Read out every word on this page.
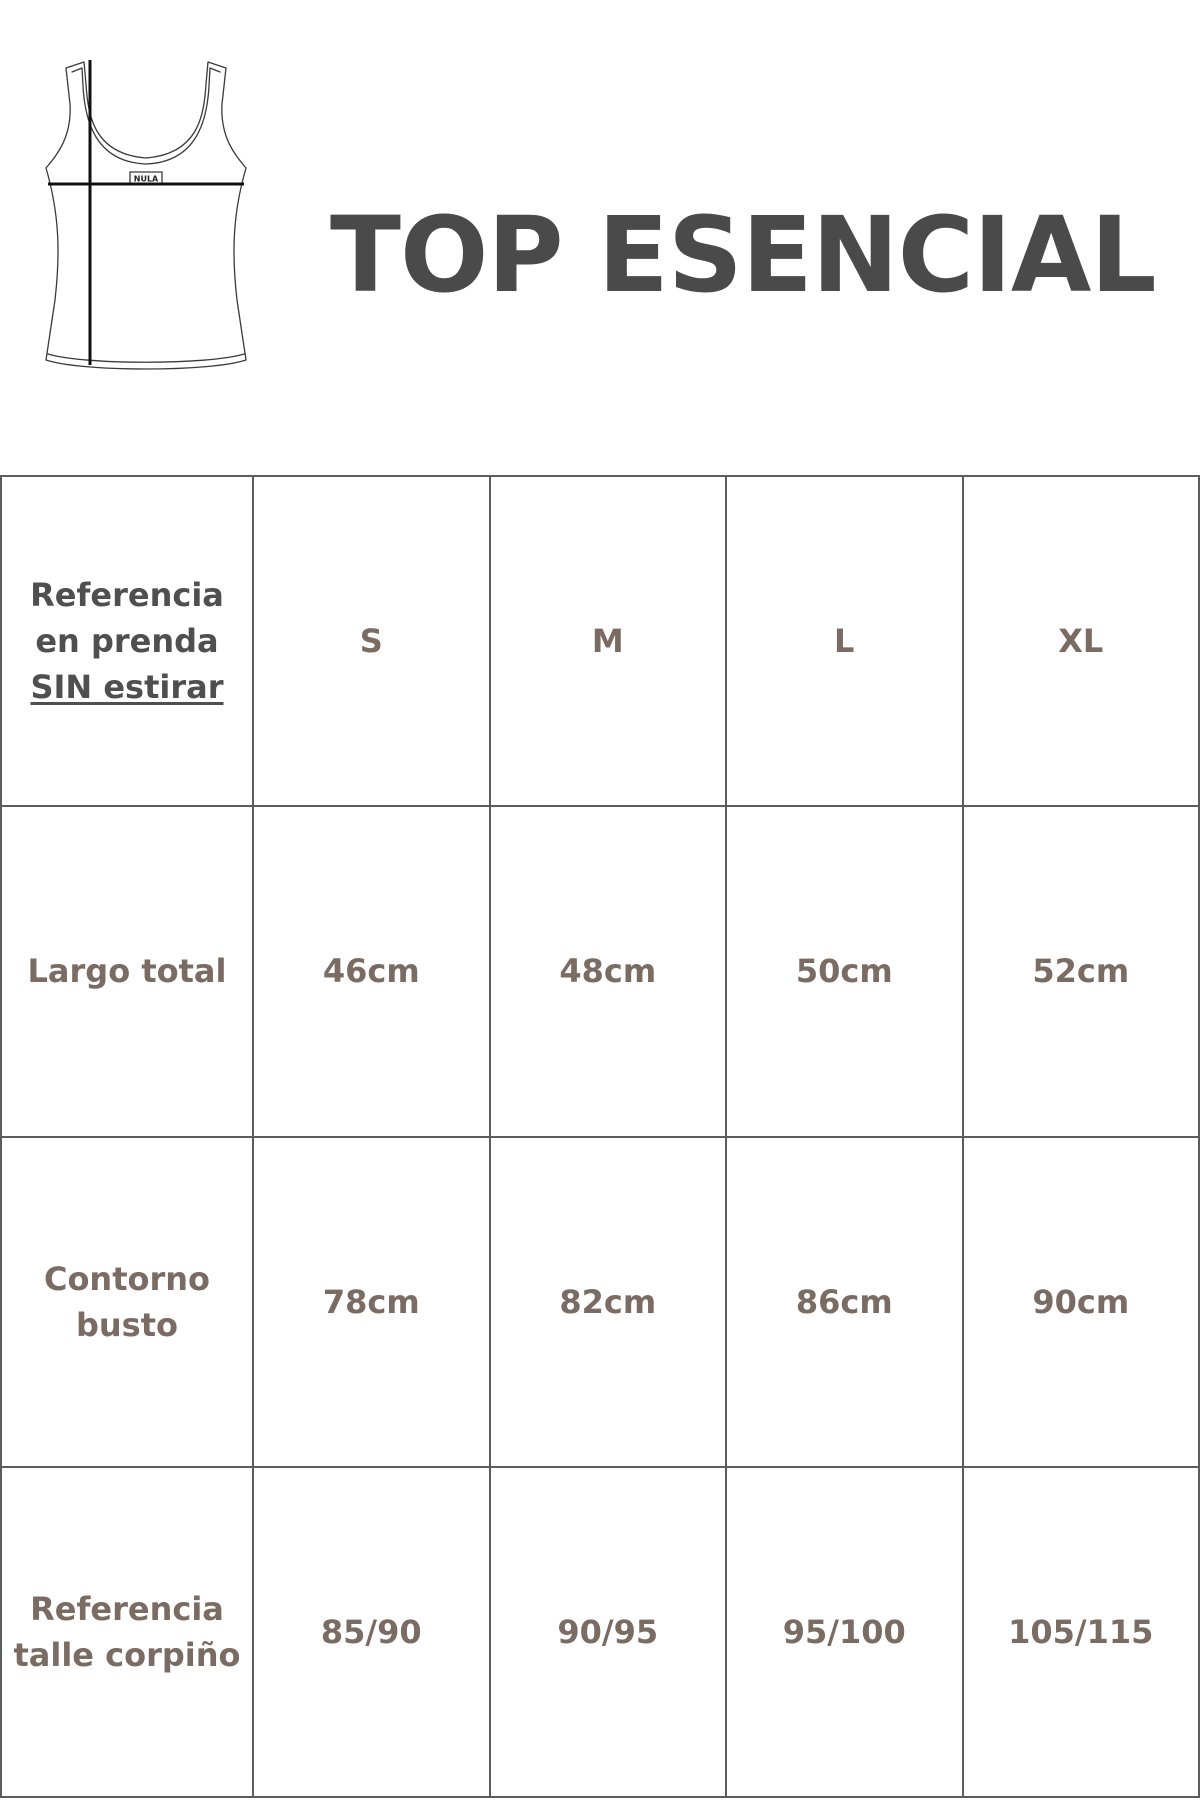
NULA
TOP ESENCIAL
Referencia
en prenda
SIN estirar	S	M	L	XL

Largo total	46cm	48cm	50cm	52cm

Contorno
busto	78cm	82cm	86cm	90cm

Referencia
talle corpiño	85/90	90/95	95/100	105/115
